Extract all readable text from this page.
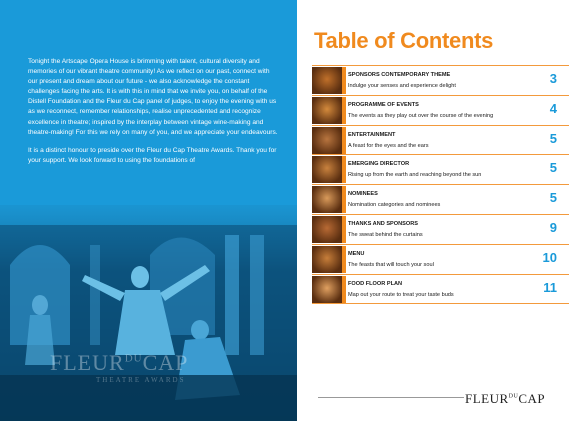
Tonight the Artscape Opera House is brimming with talent, cultural diversity and memories of our vibrant theatre community! As we reflect on our past, connect with our present and dream about our future - we also acknowledge the constant challenges facing the arts. It is with this in mind that we invite you, on behalf of the Distell Foundation and the Fleur du Cap panel of judges, to enjoy the evening with us as we reconnect, remember relationships, realise unprecedented and recognize excellence in theatre; inspired by the interplay between vintage wine-making and theatre-making! For this we rely on many of you, and we appreciate your endeavours.

It is a distinct honour to preside over the Fleur du Cap Theatre Awards. Thank you for your support. We look forward to using the foundations of

$FLEUR^{DU}CAP$
THEATRE AWARDS
Table of Contents
SPONSORS CONTEMPORARY THEME
Indulge your senses and experience delight	3
PROGRAMME OF EVENTS
The events as they play out over the course of the evening	4
ENTERTAINMENT
A feast for the eyes and the ears	5
EMERGING DIRECTOR
Rising up from the earth and reaching beyond the sun	5
NOMINEES
Nomination categories and nominees	5
THANKS AND SPONSORS
The sweat behind the curtains	9
MENU
The feasts that will touch your soul	10
FOOD FLOOR PLAN
Map out your route to treat your taste buds	11
$FLEUR^{DU}CAP$
